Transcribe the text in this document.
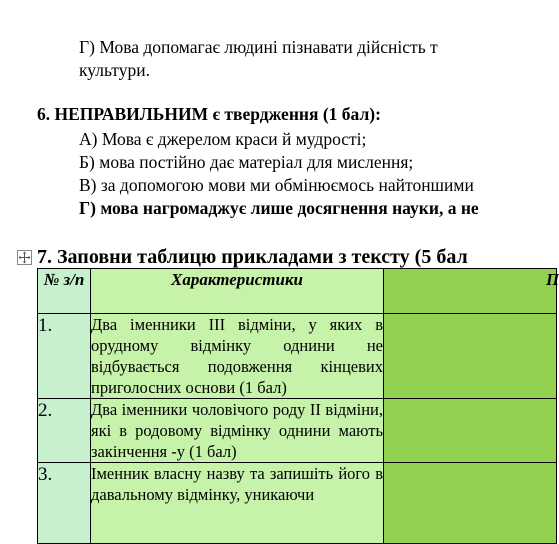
Г) Мова допомагає людині пізнавати дійсність т
культури.
6. НЕПРАВИЛЬНИМ є твердження (1 бал):
А) Мова є джерелом краси й мудрості;
Б) мова постійно дає матеріал для мислення;
В) за допомогою мови ми обмінюємось найтоншими
Г) мова нагромаджує лише досягнення науки, а не
7. Заповни таблицю прикладами з тексту (5 бал
№ з/п	Характеристики	П
1.	Два іменники ІІІ відміни, у яких в орудному відмінку однини не відбувається подовження кінцевих приголосних основи (1 бал)	
2.	Два іменники чоловічого роду ІІ відміни, які в родовому відмінку однини мають закінчення -у (1 бал)	
3.	Іменник власну назву та запишіть його в давальному відмінку, уникаючи	
